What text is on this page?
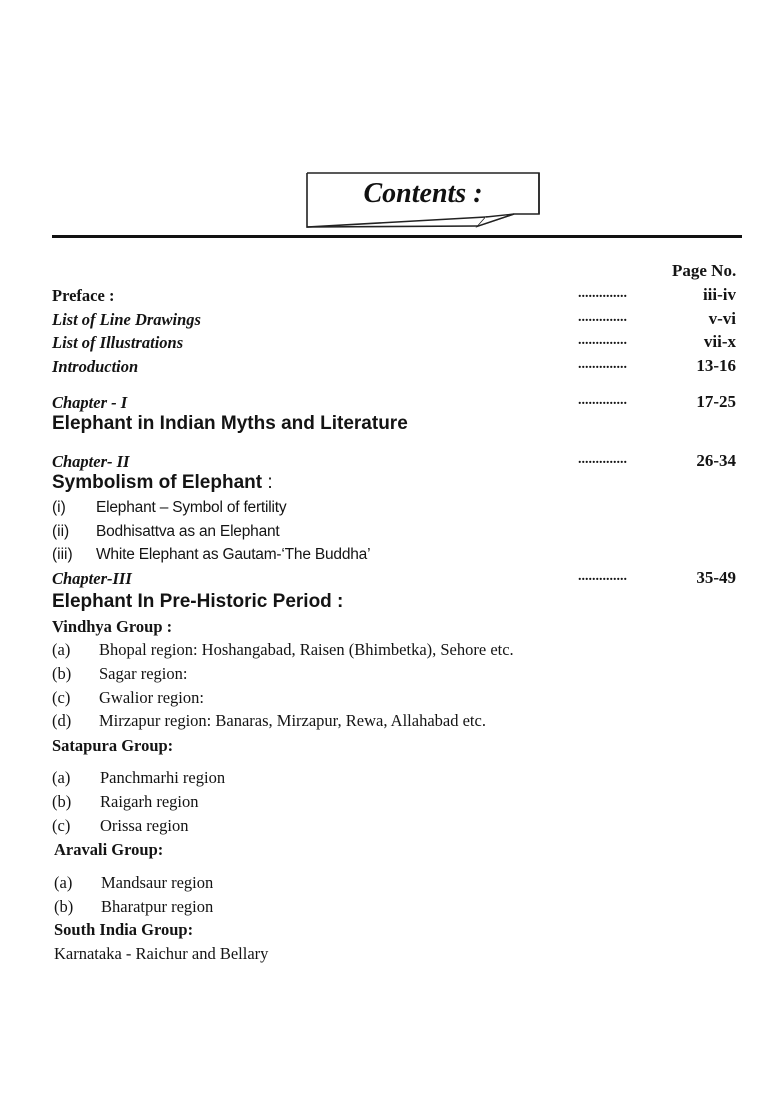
Contents :
Page No.
Preface :	..............	iii-iv
List of Line Drawings	..............	v-vi
List of Illustrations	..............	vii-x
Introduction	..............	13-16
Chapter - I	..............	17-25
Elephant in Indian Myths and Literature
Chapter- II	..............	26-34
Symbolism of Elephant :
(i) Elephant – Symbol of fertility
(ii) Bodhisattva as an Elephant
(iii) White Elephant as Gautam-‘The Buddha’
Chapter-III	..............	35-49
Elephant In Pre-Historic Period :
Vindhya Group :
(a) Bhopal region: Hoshangabad, Raisen (Bhimbetka), Sehore etc.
(b) Sagar region:
(c) Gwalior region:
(d) Mirzapur region: Banaras, Mirzapur, Rewa, Allahabad etc.
Satapura Group:
(a) Panchmarhi region
(b) Raigarh region
(c) Orissa region
Aravali Group:
(a) Mandsaur region
(b) Bharatpur region
South India Group:
Karnataka - Raichur and Bellary
